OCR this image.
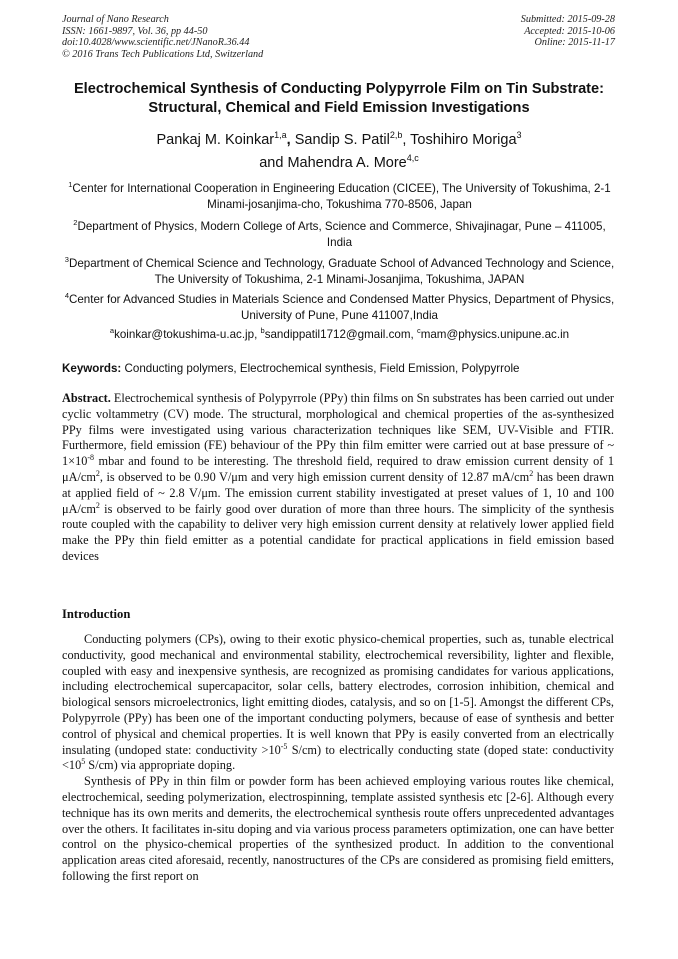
Journal of Nano Research
ISSN: 1661-9897, Vol. 36, pp 44-50
doi:10.4028/www.scientific.net/JNanoR.36.44
© 2016 Trans Tech Publications Ltd, Switzerland
Submitted: 2015-09-28
Accepted: 2015-10-06
Online: 2015-11-17
Electrochemical Synthesis of Conducting Polypyrrole Film on Tin Substrate: Structural, Chemical and Field Emission Investigations
Pankaj M. Koinkar$^{1,a}$, Sandip S. Patil$^{2,b}$, Toshihiro Moriga$^3$
and Mahendra A. More$^{4,c}$
$^1$Center for International Cooperation in Engineering Education (CICEE), The University of Tokushima, 2-1 Minami-josanjima-cho, Tokushima 770-8506, Japan
$^2$Department of Physics, Modern College of Arts, Science and Commerce, Shivajinagar, Pune – 411005, India
$^3$Department of Chemical Science and Technology, Graduate School of Advanced Technology and Science, The University of Tokushima, 2-1 Minami-Josanjima, Tokushima, JAPAN
$^4$Center for Advanced Studies in Materials Science and Condensed Matter Physics, Department of Physics, University of Pune, Pune 411007,India
$^a$koinkar@tokushima-u.ac.jp, $^b$sandippatil1712@gmail.com, $^c$mam@physics.unipune.ac.in
Keywords: Conducting polymers, Electrochemical synthesis, Field Emission, Polypyrrole
Abstract. Electrochemical synthesis of Polypyrrole (PPy) thin films on Sn substrates has been carried out under cyclic voltammetry (CV) mode. The structural, morphological and chemical properties of the as-synthesized PPy films were investigated using various characterization techniques like SEM, UV-Visible and FTIR. Furthermore, field emission (FE) behaviour of the PPy thin film emitter were carried out at base pressure of ~ $1\times 10^{-8}$ mbar and found to be interesting. The threshold field, required to draw emission current density of 1 $\mu A/cm^2$, is observed to be 0.90 V/μm and very high emission current density of 12.87 $mA/cm^2$ has been drawn at applied field of ~ 2.8 V/μm. The emission current stability investigated at preset values of 1, 10 and 100 $\mu A/cm^2$ is observed to be fairly good over duration of more than three hours. The simplicity of the synthesis route coupled with the capability to deliver very high emission current density at relatively lower applied field make the PPy thin field emitter as a potential candidate for practical applications in field emission based devices
Introduction

Conducting polymers (CPs), owing to their exotic physico-chemical properties, such as, tunable electrical conductivity, good mechanical and environmental stability, electrochemical reversibility, lighter and flexible, coupled with easy and inexpensive synthesis, are recognized as promising candidates for various applications, including electrochemical supercapacitor, solar cells, battery electrodes, corrosion inhibition, chemical and biological sensors microelectronics, light emitting diodes, catalysis, and so on [1-5]. Amongst the different CPs, Polypyrrole (PPy) has been one of the important conducting polymers, because of ease of synthesis and better control of physical and chemical properties. It is well known that PPy is easily converted from an electrically insulating (undoped state: conductivity $>10^{-5}$ S/cm) to electrically conducting state (doped state: conductivity $<10^5$ S/cm) via appropriate doping.

Synthesis of PPy in thin film or powder form has been achieved employing various routes like chemical, electrochemical, seeding polymerization, electrospinning, template assisted synthesis etc [2-6]. Although every technique has its own merits and demerits, the electrochemical synthesis route offers unprecedented advantages over the others. It facilitates in-situ doping and via various process parameters optimization, one can have better control on the physico-chemical properties of the synthesized product. In addition to the conventional application areas cited aforesaid, recently, nanostructures of the CPs are considered as promising field emitters, following the first report on
